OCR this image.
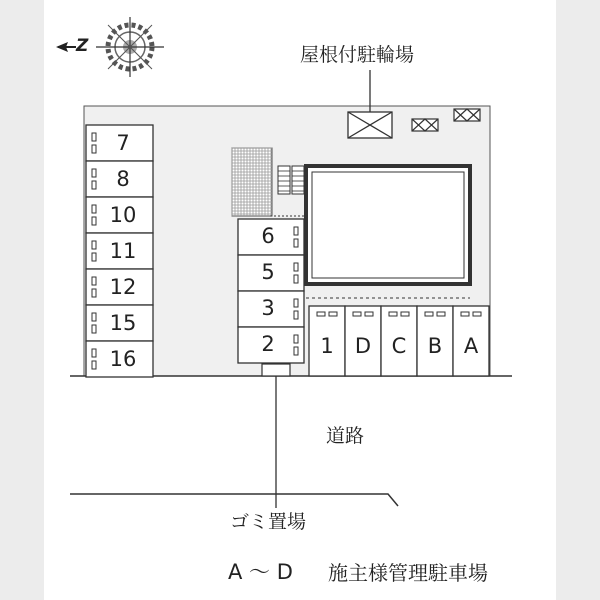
Z	屋根付駐輪場
道路
ゴミ置場
A 〜 D 施主様管理駐車場
7
8
10
11
12
15
16
6
5
3
2	1	D C	B	A
